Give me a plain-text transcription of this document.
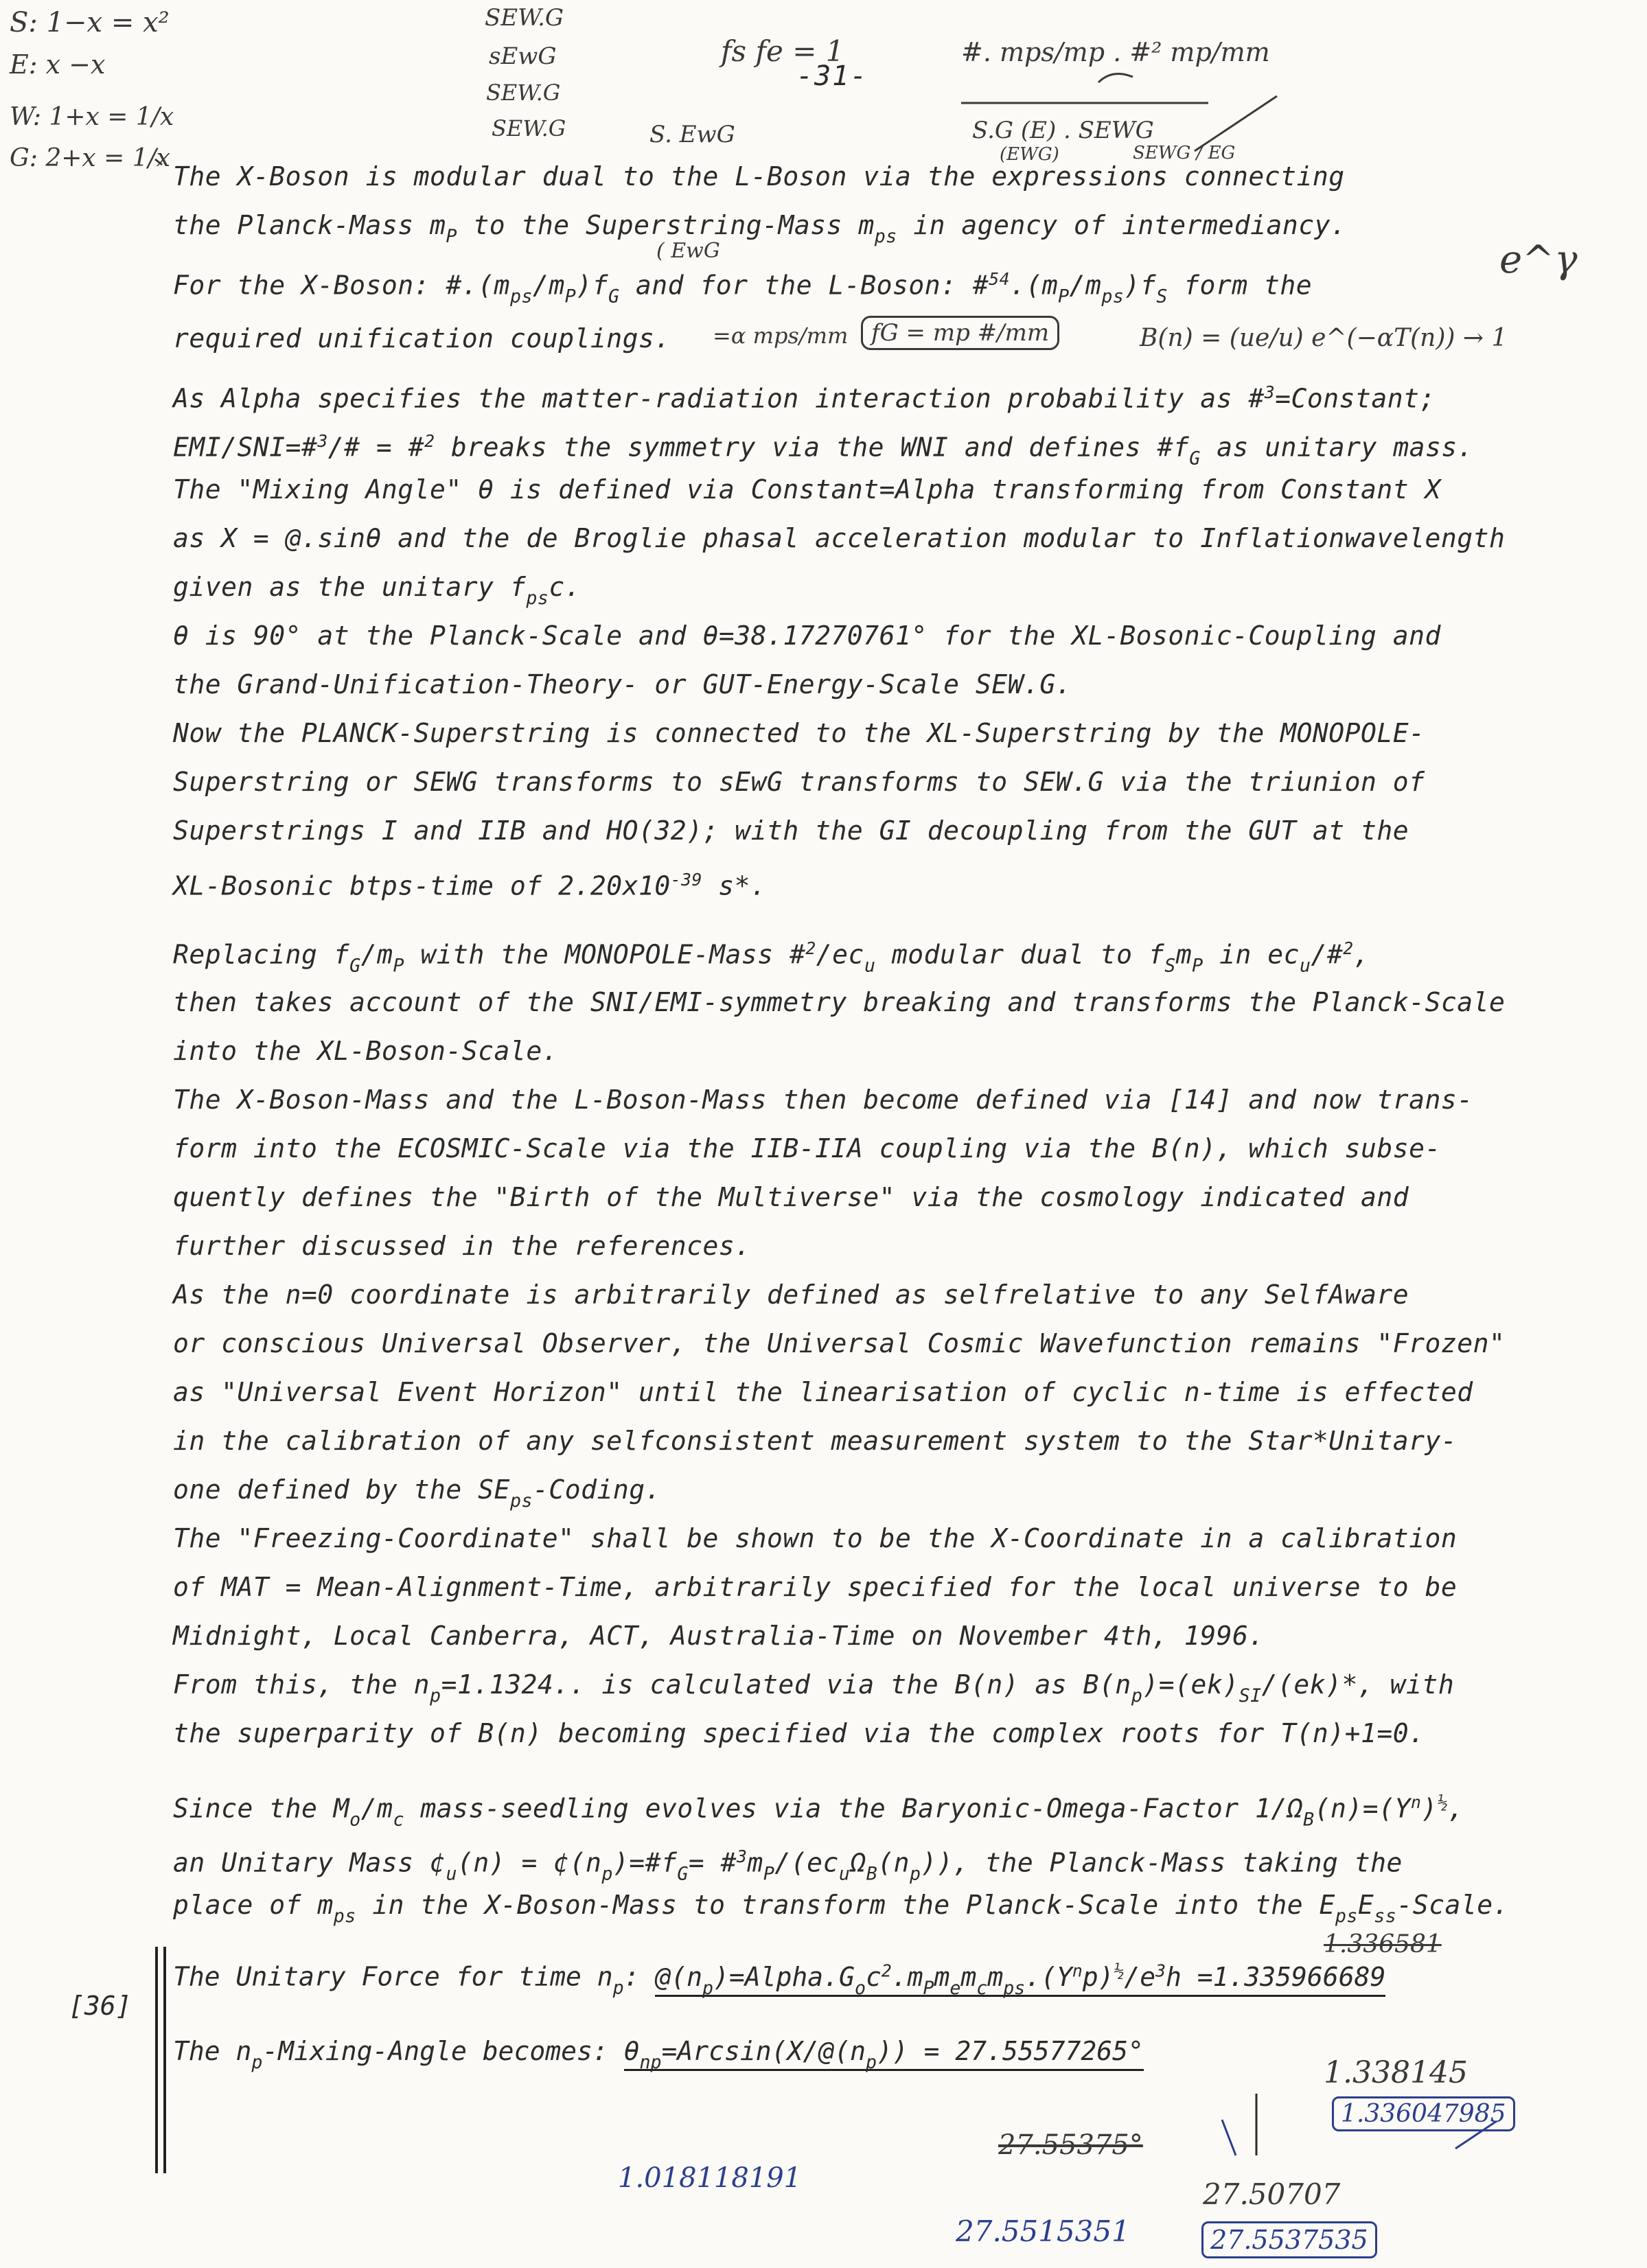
-31-
The X-Boson is modular dual to the L-Boson via the expressions connecting
the Planck-Mass $m_P$ to the Superstring-Mass $m_{ps}$ in agency of intermediancy.
For the X-Boson: $\#.(m_{ps}/m_P)f_G$ and for the L-Boson: $\#^{54}.(m_P/m_{ps})f_S$ form the
required unification couplings.
As Alpha specifies the matter-radiation interaction probability as #$^3$=Constant;
EMI/SNI=#$^3$/# = #$^2$ breaks the symmetry via the WNI and defines $\#f_G$ as unitary mass.
The "Mixing Angle" θ is defined via Constant=Alpha transforming from Constant X
as X = @.sinθ and the de Broglie phasal acceleration modular to Inflationwavelength
given as the unitary $f_{ps}c$.
θ is 90° at the Planck-Scale and θ=38.17270761° for the XL-Bosonic-Coupling and
the Grand-Unification-Theory- or GUT-Energy-Scale SEW.G.
Now the PLANCK-Superstring is connected to the XL-Superstring by the MONOPOLE-
Superstring or SEWG transforms to sEwG transforms to SEW.G via the triunion of
Superstrings I and IIB and HO(32); with the GI decoupling from the GUT at the
XL-Bosonic btps-time of $2.20x10^{-39}$ s*.
Replacing $f_G/m_P$ with the MONOPOLE-Mass $\#^2/ec_u$ modular dual to $f_Sm_P$ in $ec_u/\#^2$,
then takes account of the SNI/EMI-symmetry breaking and transforms the Planck-Scale
into the XL-Boson-Scale.
The X-Boson-Mass and the L-Boson-Mass then become defined via [14] and now trans-
form into the ECOSMIC-Scale via the IIB-IIA coupling via the B(n), which subse-
quently defines the "Birth of the Multiverse" via the cosmology indicated and
further discussed in the references.
As the n=0 coordinate is arbitrarily defined as selfrelative to any SelfAware
or conscious Universal Observer, the Universal Cosmic Wavefunction remains "Frozen"
as "Universal Event Horizon" until the linearisation of cyclic n-time is effected
in the calibration of any selfconsistent measurement system to the Star*Unitary-
one defined by the $SE_{ps}$-Coding.
The "Freezing-Coordinate" shall be shown to be the X-Coordinate in a calibration
of MAT = Mean-Alignment-Time, arbitrarily specified for the local universe to be
Midnight, Local Canberra, ACT, Australia-Time on November 4th, 1996.
From this, the $n_p=1.1324$.. is calculated via the B(n) as $B(n_p)=(ek)_{SI}/(ek)*$, with
the superparity of B(n) becoming specified via the complex roots for T(n)+1=0.
Since the $M_o/m_c$ mass-seedling evolves via the Baryonic-Omega-Factor $1/\Omega_B(n)=(Y^n)^{\frac{1}{2}}$,
an Unitary Mass $¢_u(n)$ = $¢(n_p)=\#f_G=$ $\#^3m_P/(ec_u\Omega_B(n_p))$, the Planck-Mass taking the
place of $m_{ps}$ in the X-Boson-Mass to transform the Planck-Scale into the $E_{ps}E_{ss}$-Scale.
[36]
The Unitary Force for time $n_p$: $@(n_p)=Alpha.G_oc^2.m_Pm_em_cm_{ps}.(Y^np)^{\frac{1}{2}}/e^3h =1.335966689$
The $n_p-Mixing$-Angle becomes: $\theta_{np}=Arcsin(X/@(n_p)) = 27.55577265^\circ$
S: 1−x = x²
E: x −x
W: 1+x = 1/x
G: 2+x = 1/x
SEW.G
sEwG
SEW.G
SEW.G
fs fe = 1	#. mps/mp . #² mp/mm
S. EwG	S.G (E) . SEWG
(EWG)	SEWG / EG
( EwG
=α mps/mm fG = mp #/mm
e^γ
B(n) = (ue/u) e^(−αT(n)) → 1
1.336581
1.338145
1.336047985
27.55375°
1.018118191	27.50707
27.5515351	27.5537535
